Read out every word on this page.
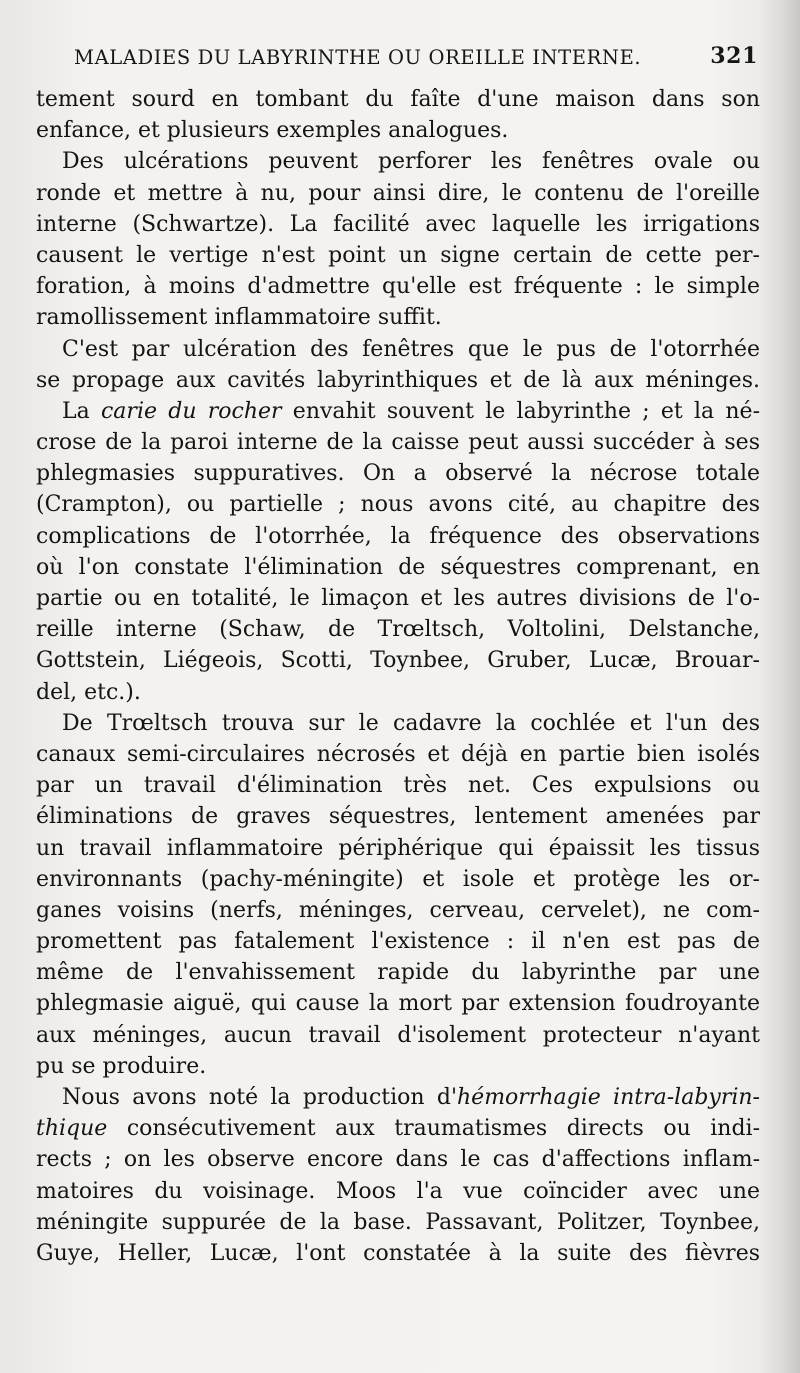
MALADIES DU LABYRINTHE OU OREILLE INTERNE.	321
tement sourd en tombant du faîte d'une maison dans son
enfance, et plusieurs exemples analogues.
Des ulcérations peuvent perforer les fenêtres ovale ou
ronde et mettre à nu, pour ainsi dire, le contenu de l'oreille
interne (Schwartze). La facilité avec laquelle les irrigations
causent le vertige n'est point un signe certain de cette per-
foration, à moins d'admettre qu'elle est fréquente : le simple
ramollissement inflammatoire suffit.
C'est par ulcération des fenêtres que le pus de l'otorrhée
se propage aux cavités labyrinthiques et de là aux méninges.
La carie du rocher envahit souvent le labyrinthe ; et la né-
crose de la paroi interne de la caisse peut aussi succéder à ses
phlegmasies suppuratives. On a observé la nécrose totale
(Crampton), ou partielle ; nous avons cité, au chapitre des
complications de l'otorrhée, la fréquence des observations
où l'on constate l'élimination de séquestres comprenant, en
partie ou en totalité, le limaçon et les autres divisions de l'o-
reille interne (Schaw, de Trœltsch, Voltolini, Delstanche,
Gottstein, Liégeois, Scotti, Toynbee, Gruber, Lucæ, Brouar-
del, etc.).
De Trœltsch trouva sur le cadavre la cochlée et l'un des
canaux semi-circulaires nécrosés et déjà en partie bien isolés
par un travail d'élimination très net. Ces expulsions ou
éliminations de graves séquestres, lentement amenées par
un travail inflammatoire périphérique qui épaissit les tissus
environnants (pachy-méningite) et isole et protège les or-
ganes voisins (nerfs, méninges, cerveau, cervelet), ne com-
promettent pas fatalement l'existence : il n'en est pas de
même de l'envahissement rapide du labyrinthe par une
phlegmasie aiguë, qui cause la mort par extension foudroyante
aux méninges, aucun travail d'isolement protecteur n'ayant
pu se produire.
Nous avons noté la production d'hémorrhagie intra-labyrin-
thique consécutivement aux traumatismes directs ou indi-
rects ; on les observe encore dans le cas d'affections inflam-
matoires du voisinage. Moos l'a vue coïncider avec une
méningite suppurée de la base. Passavant, Politzer, Toynbee,
Guye, Heller, Lucæ, l'ont constatée à la suite des fièvres
